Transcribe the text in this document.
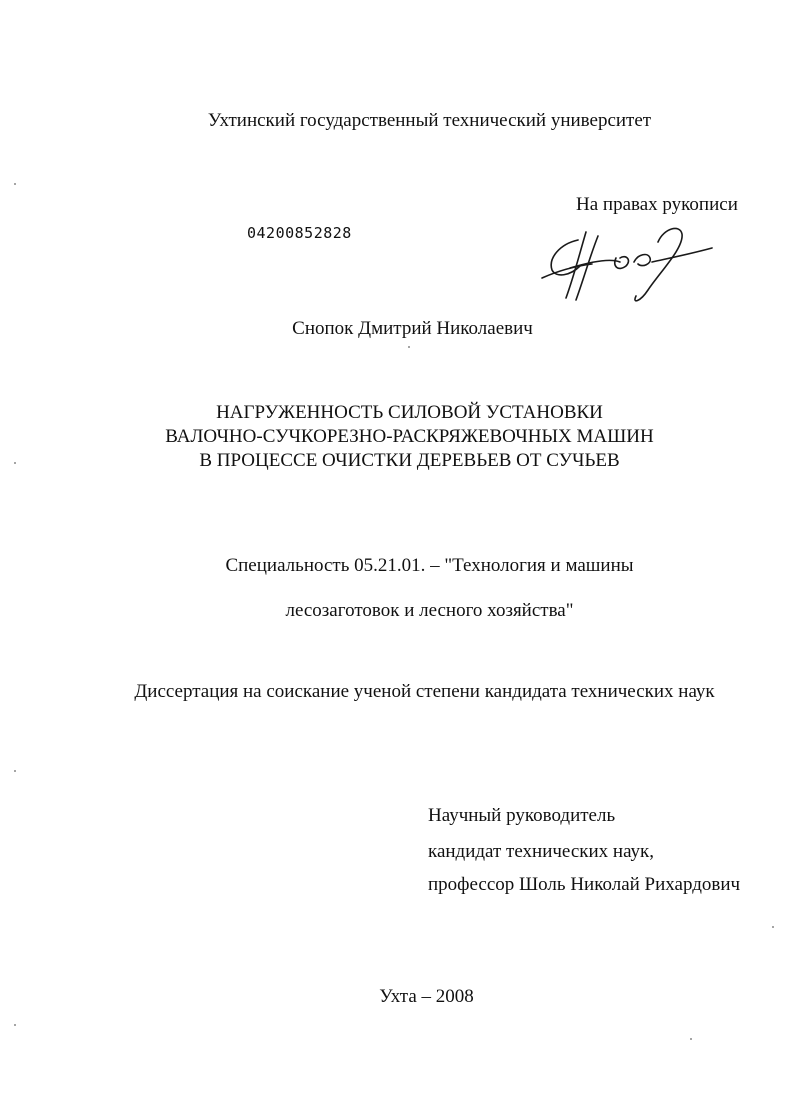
Ухтинский государственный технический университет
На правах рукописи
04200852828
Снопок Дмитрий Николаевич
НАГРУЖЕННОСТЬ СИЛОВОЙ УСТАНОВКИ
ВАЛОЧНО-СУЧКОРЕЗНО-РАСКРЯЖЕВОЧНЫХ МАШИН
В ПРОЦЕССЕ ОЧИСТКИ ДЕРЕВЬЕВ ОТ СУЧЬЕВ
Специальность 05.21.01. – "Технология и машины
лесозаготовок и лесного хозяйства"
Диссертация на соискание ученой степени кандидата технических наук
Научный руководитель
кандидат технических наук,
профессор Шоль Николай Рихардович
Ухта – 2008
